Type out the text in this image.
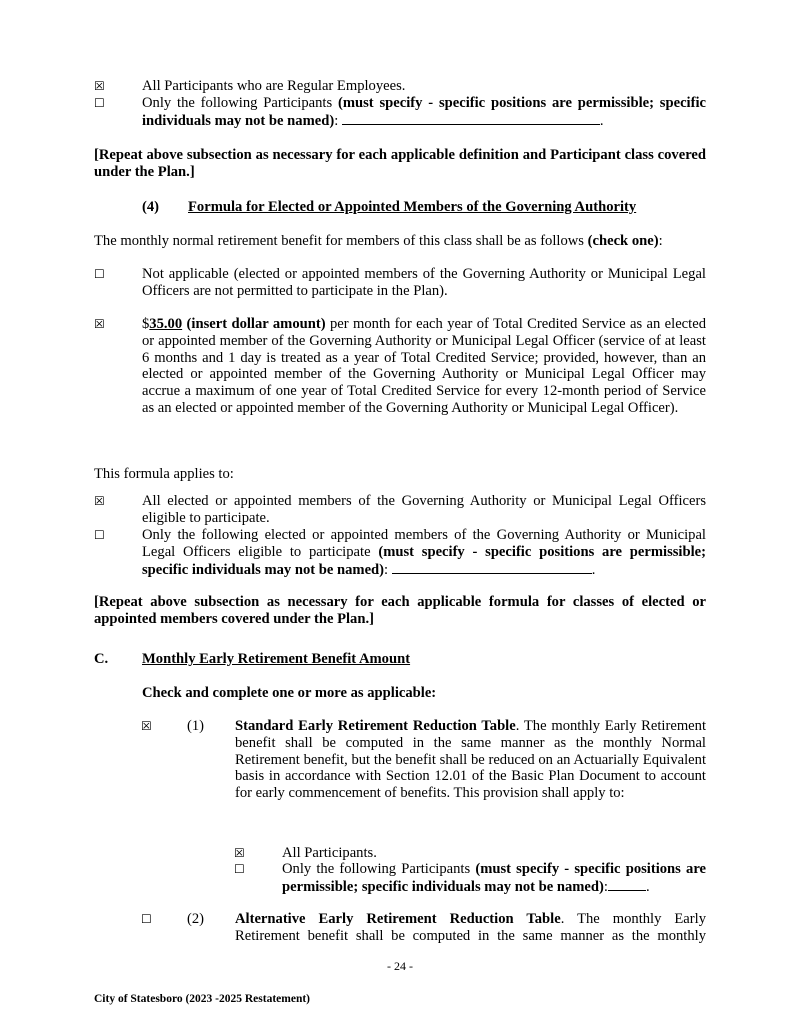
☒	All Participants who are Regular Employees.
☐	Only the following Participants (must specify - specific positions are permissible; specific individuals may not be named):	.
[Repeat above subsection as necessary for each applicable definition and Participant class covered under the Plan.]
(4) Formula for Elected or Appointed Members of the Governing Authority
The monthly normal retirement benefit for members of this class shall be as follows (check one):
☐	Not applicable (elected or appointed members of the Governing Authority or Municipal Legal Officers are not permitted to participate in the Plan).
☒	$35.00 (insert dollar amount) per month for each year of Total Credited Service as an elected or appointed member of the Governing Authority or Municipal Legal Officer (service of at least 6 months and 1 day is treated as a year of Total Credited Service; provided, however, than an elected or appointed member of the Governing Authority or Municipal Legal Officer may accrue a maximum of one year of Total Credited Service for every 12-month period of Service as an elected or appointed member of the Governing Authority or Municipal Legal Officer).
This formula applies to:
☒	All elected or appointed members of the Governing Authority or Municipal Legal Officers eligible to participate.
☐	Only the following elected or appointed members of the Governing Authority or Municipal Legal Officers eligible to participate (must specify - specific positions are permissible; specific individuals may not be named):	.
[Repeat above subsection as necessary for each applicable formula for classes of elected or appointed members covered under the Plan.]
C. Monthly Early Retirement Benefit Amount
Check and complete one or more as applicable:
☒ (1) Standard Early Retirement Reduction Table. The monthly Early Retirement benefit shall be computed in the same manner as the monthly Normal Retirement benefit, but the benefit shall be reduced on an Actuarially Equivalent basis in accordance with Section 12.01 of the Basic Plan Document to account for early commencement of benefits. This provision shall apply to:
☒	All Participants.
☐	Only the following Participants (must specify - specific positions are permissible; specific individuals may not be named):	.
☐ (2) Alternative Early Retirement Reduction Table. The monthly Early Retirement benefit shall be computed in the same manner as the monthly
- 24 -
City of Statesboro (2023 -2025 Restatement)
